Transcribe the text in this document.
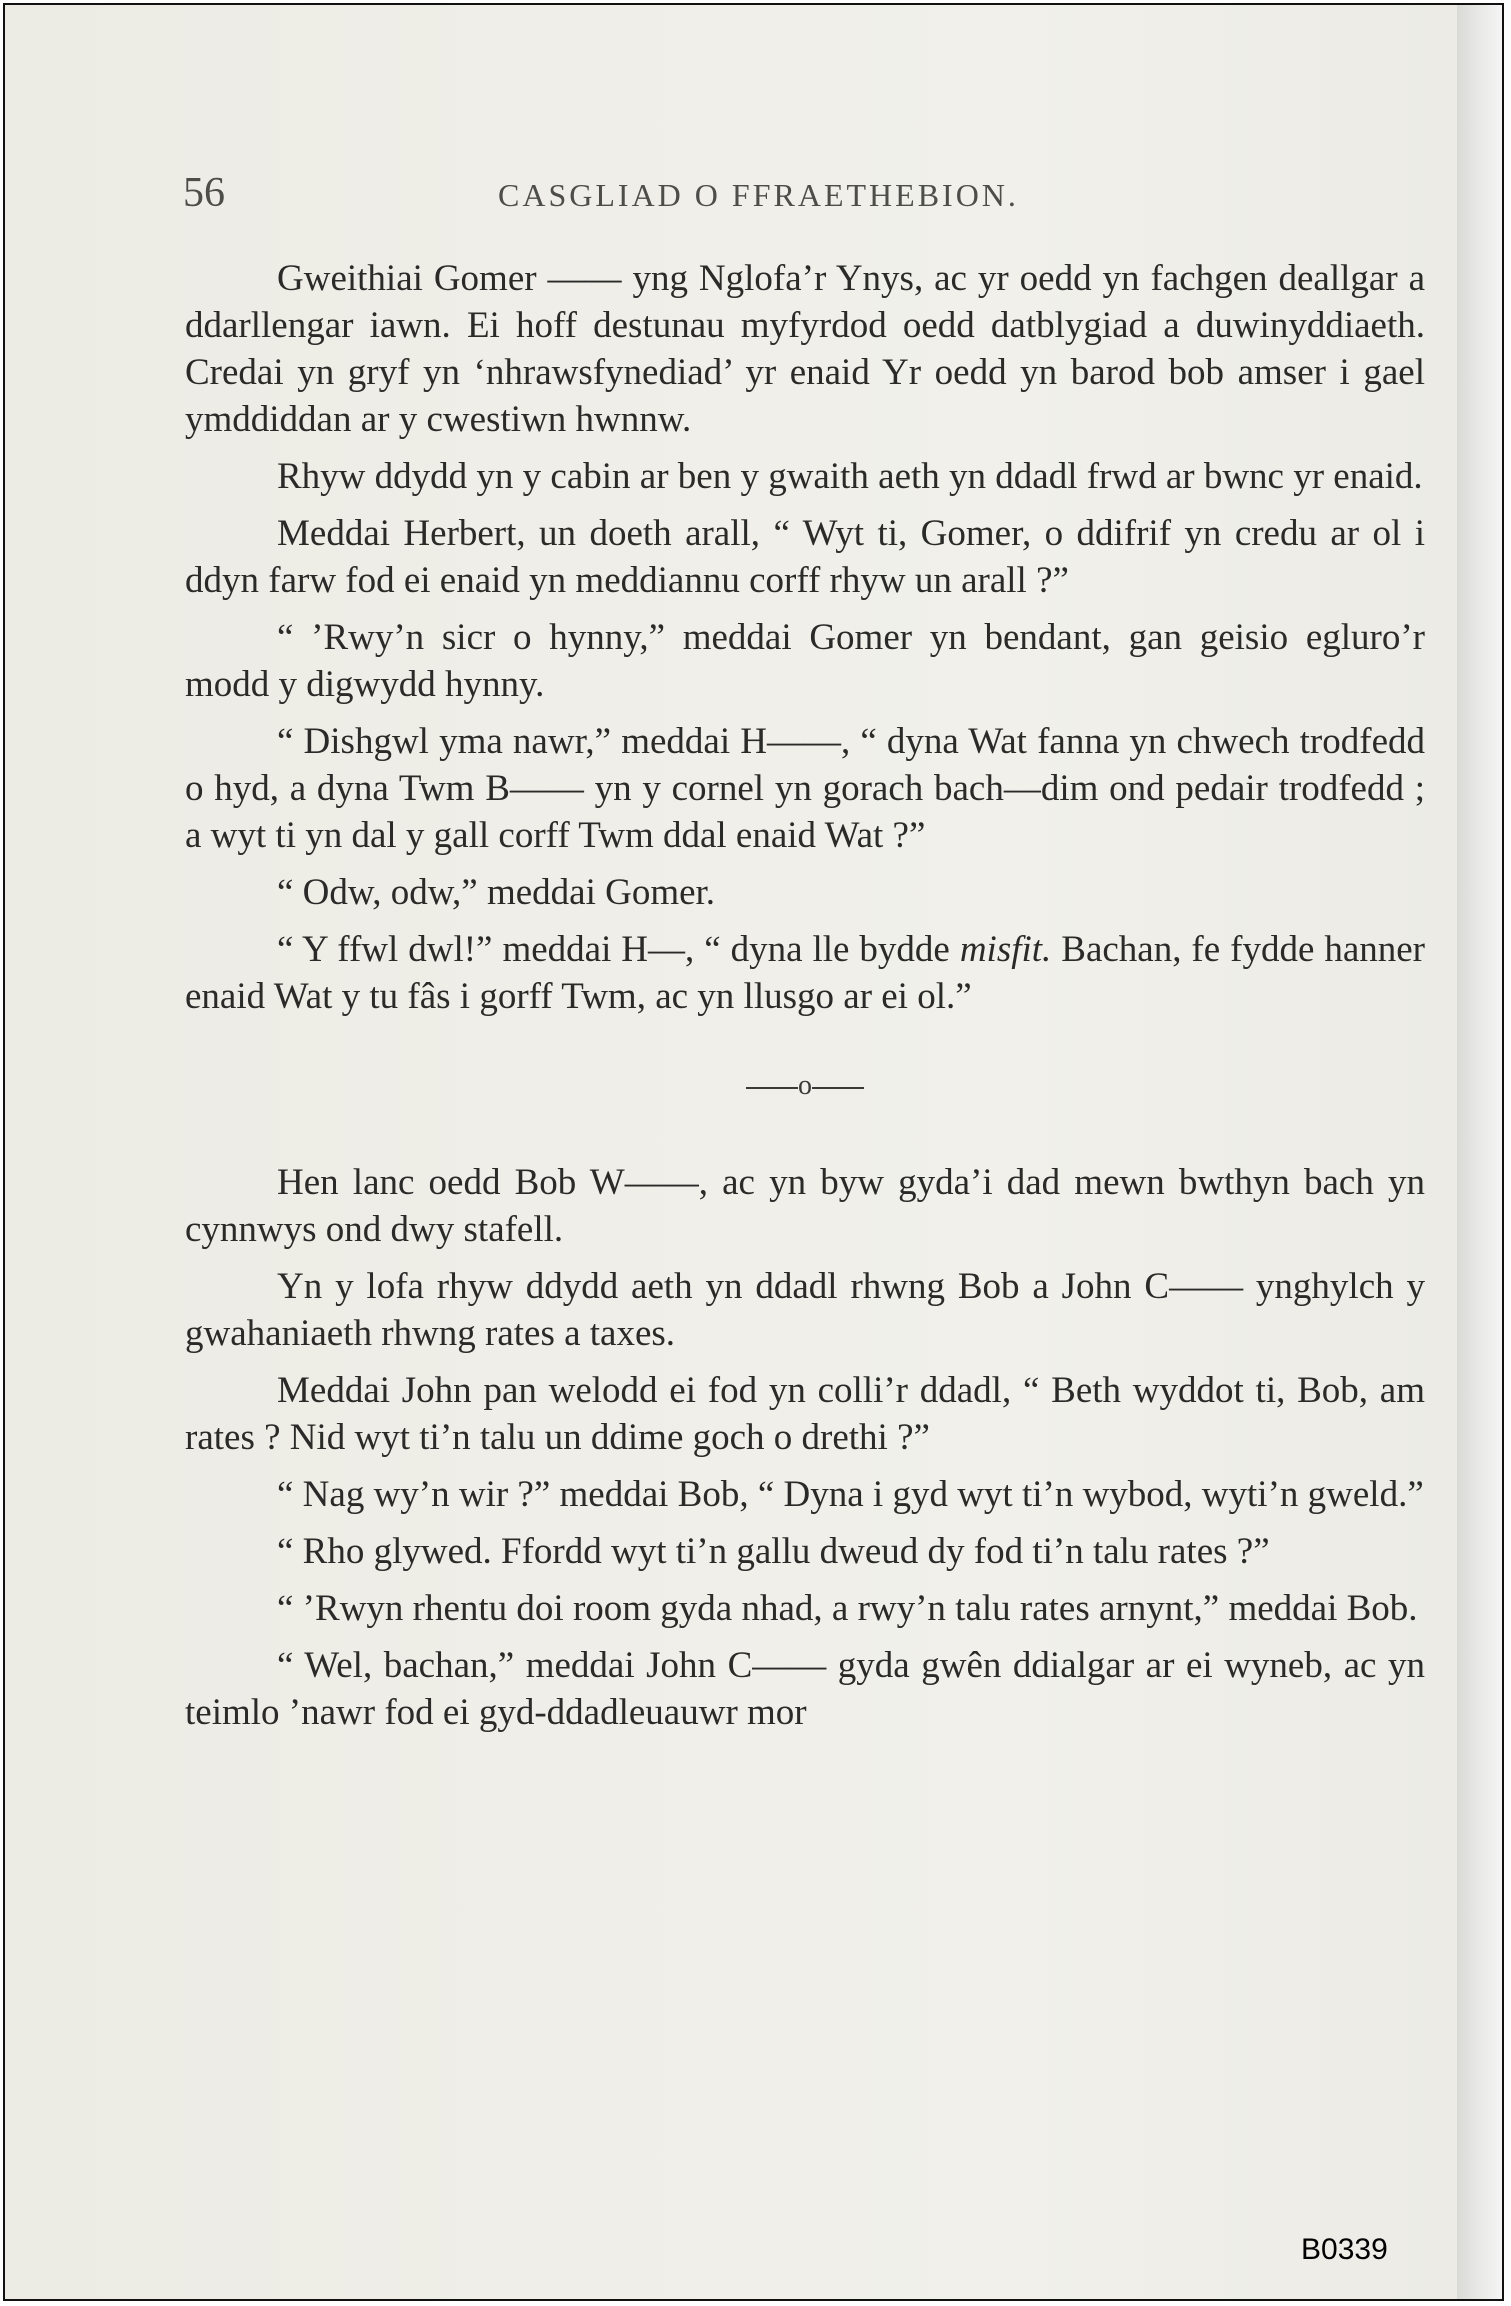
56	CASGLIAD O FFRAETHEBION.

Gweithiai Gomer —— yng Nglofa’r Ynys, ac yr oedd yn fachgen deallgar a ddarllengar iawn. Ei hoff destunau myfyrdod oedd datblygiad a duwinyddiaeth. Credai yn gryf yn ‘nhrawsfynediad’ yr enaid Yr oedd yn barod bob amser i gael ymddiddan ar y cwestiwn hwnnw.

Rhyw ddydd yn y cabin ar ben y gwaith aeth yn ddadl frwd ar bwnc yr enaid.

Meddai Herbert, un doeth arall, “ Wyt ti, Gomer, o ddifrif yn credu ar ol i ddyn farw fod ei enaid yn meddiannu corff rhyw un arall ?”

“ ’Rwy’n sicr o hynny,” meddai Gomer yn bendant, gan geisio egluro’r modd y digwydd hynny.

“ Dishgwl yma nawr,” meddai H——, “ dyna Wat fanna yn chwech trodfedd o hyd, a dyna Twm B—— yn y cornel yn gorach bach—dim ond pedair trodfedd ; a wyt ti yn dal y gall corff Twm ddal enaid Wat ?”

“ Odw, odw,” meddai Gomer.

“ Y ffwl dwl!” meddai H—, “ dyna lle bydde misfit. Bachan, fe fydde hanner enaid Wat y tu fâs i gorff Twm, ac yn llusgo ar ei ol.”

o

Hen lanc oedd Bob W——, ac yn byw gyda’i dad mewn bwthyn bach yn cynnwys ond dwy stafell.

Yn y lofa rhyw ddydd aeth yn ddadl rhwng Bob a John C—— ynghylch y gwahaniaeth rhwng rates a taxes.

Meddai John pan welodd ei fod yn colli’r ddadl, “ Beth wyddot ti, Bob, am rates ? Nid wyt ti’n talu un ddime goch o drethi ?”

“ Nag wy’n wir ?” meddai Bob, “ Dyna i gyd wyt ti’n wybod, wyti’n gweld.”

“ Rho glywed. Ffordd wyt ti’n gallu dweud dy fod ti’n talu rates ?”

“ ’Rwyn rhentu doi room gyda nhad, a rwy’n talu rates arnynt,” meddai Bob.

“ Wel, bachan,” meddai John C—— gyda gwên ddialgar ar ei wyneb, ac yn teimlo ’nawr fod ei gyd-ddadleuauwr mor

B0339
